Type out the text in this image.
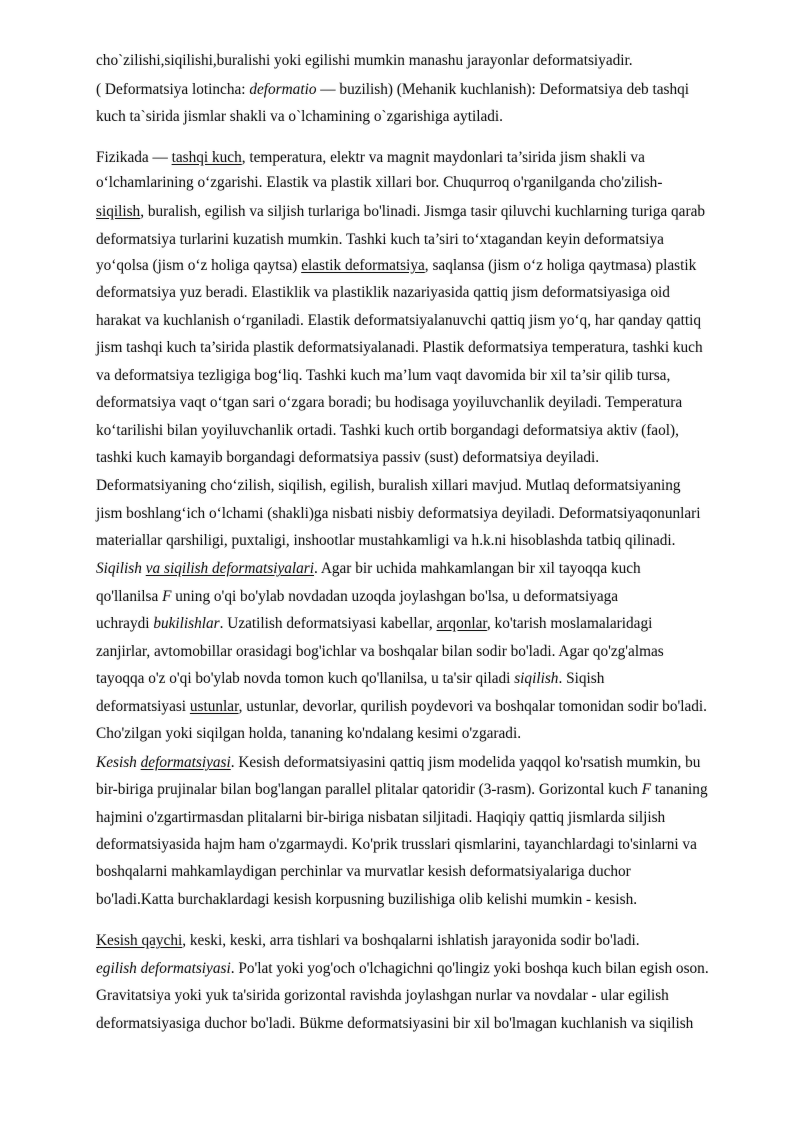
cho`zilishi,siqilishi,buralishi yoki egilishi mumkin manashu jarayonlar deformatsiyadir.
( Deformatsiya lotincha: deformatio — buzilish) (Mehanik kuchlanish): Deformatsiya deb tashqi
kuch ta`sirida jismlar shakli va o`lchamining o`zgarishiga aytiladi.
Fizikada — tashqi kuch, temperatura, elektr va magnit maydonlari ta’sirida jism shakli va
oʻlchamlarining oʻzgarishi. Elastik va plastik xillari bor. Chuqurroq o'rganilganda cho'zilish-
siqilish, buralish, egilish va siljish turlariga bo'linadi. Jismga tasir qiluvchi kuchlarning turiga qarab
deformatsiya turlarini kuzatish mumkin. Tashki kuch ta’siri toʻxtagandan keyin deformatsiya
yoʻqolsa (jism oʻz holiga qaytsa) elastik deformatsiya, saqlansa (jism oʻz holiga qaytmasa) plastik
deformatsiya yuz beradi. Elastiklik va plastiklik nazariyasida qattiq jism deformatsiyasiga oid
harakat va kuchlanish oʻrganiladi. Elastik deformatsiyalanuvchi qattiq jism yoʻq, har qanday qattiq
jism tashqi kuch ta’sirida plastik deformatsiyalanadi. Plastik deformatsiya temperatura, tashki kuch
va deformatsiya tezligiga bogʻliq. Tashki kuch ma’lum vaqt davomida bir xil ta’sir qilib tursa,
deformatsiya vaqt oʻtgan sari oʻzgara boradi; bu hodisaga yoyiluvchanlik deyiladi. Temperatura
koʻtarilishi bilan yoyiluvchanlik ortadi. Tashki kuch ortib borgandagi deformatsiya aktiv (faol),
tashki kuch kamayib borgandagi deformatsiya passiv (sust) deformatsiya deyiladi.
Deformatsiyaning choʻzilish, siqilish, egilish, buralish xillari mavjud. Mutlaq deformatsiyaning
jism boshlangʻich oʻlchami (shakli)ga nisbati nisbiy deformatsiya deyiladi. Deformatsiyaqonunlari
materiallar qarshiligi, puxtaligi, inshootlar mustahkamligi va h.k.ni hisoblashda tatbiq qilinadi.
Siqilish va siqilish deformatsiyalari. Agar bir uchida mahkamlangan bir xil tayoqqa kuch
qo'llanilsa F uning o'qi bo'ylab novdadan uzoqda joylashgan bo'lsa, u deformatsiyaga
uchraydi bukilishlar. Uzatilish deformatsiyasi kabellar, arqonlar, ko'tarish moslamalaridagi
zanjirlar, avtomobillar orasidagi bog'ichlar va boshqalar bilan sodir bo'ladi. Agar qo'zg'almas
tayoqqa o'z o'qi bo'ylab novda tomon kuch qo'llanilsa, u ta'sir qiladi siqilish. Siqish
deformatsiyasi ustunlar, ustunlar, devorlar, qurilish poydevori va boshqalar tomonidan sodir bo'ladi.
Cho'zilgan yoki siqilgan holda, tananing ko'ndalang kesimi o'zgaradi.
Kesish deformatsiyasi. Kesish deformatsiyasini qattiq jism modelida yaqqol ko'rsatish mumkin, bu
bir-biriga prujinalar bilan bog'langan parallel plitalar qatoridir (3-rasm). Gorizontal kuch F tananing
hajmini o'zgartirmasdan plitalarni bir-biriga nisbatan siljitadi. Haqiqiy qattiq jismlarda siljish
deformatsiyasida hajm ham o'zgarmaydi. Ko'prik trusslari qismlarini, tayanchlardagi to'sinlarni va
boshqalarni mahkamlaydigan perchinlar va murvatlar kesish deformatsiyalariga duchor
bo'ladi.Katta burchaklardagi kesish korpusning buzilishiga olib kelishi mumkin - kesish.
Kesish qaychi, keski, keski, arra tishlari va boshqalarni ishlatish jarayonida sodir bo'ladi.
egilish deformatsiyasi. Po'lat yoki yog'och o'lchagichni qo'lingiz yoki boshqa kuch bilan egish oson.
Gravitatsiya yoki yuk ta'sirida gorizontal ravishda joylashgan nurlar va novdalar - ular egilish
deformatsiyasiga duchor bo'ladi. Bükme deformatsiyasini bir xil bo'lmagan kuchlanish va siqilish
